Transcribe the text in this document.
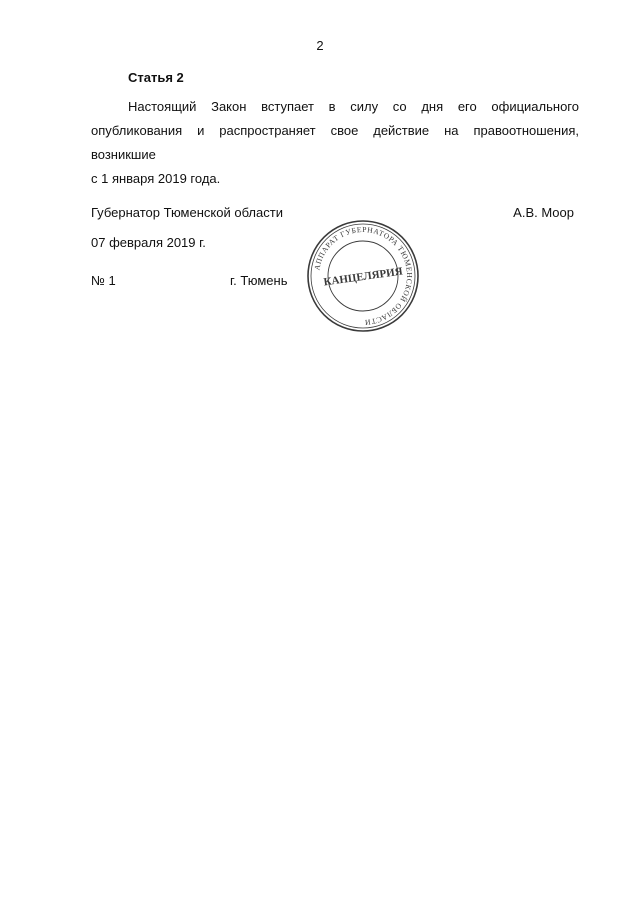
2
Статья 2
Настоящий Закон вступает в силу со дня его официального
опубликования и распространяет свое действие на правоотношения, возникшие
с 1 января 2019 года.
Губернатор Тюменской области	А.В. Моор
07 февраля 2019 г.
№ 1	г. Тюмень
АППАРАТ ГУБЕРНАТОРА ТЮМЕНСКОЙ ОБЛАСТИ
КАНЦЕЛЯРИЯ
